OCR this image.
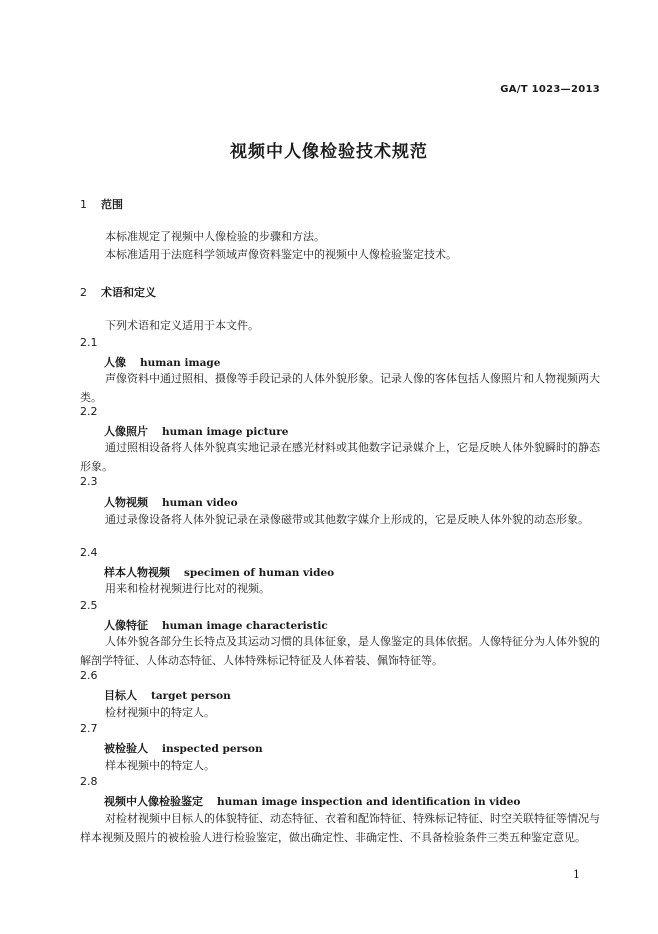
GA/T 1023—2013
视频中人像检验技术规范
1 范围
本标准规定了视频中人像检验的步骤和方法。
本标准适用于法庭科学领域声像资料鉴定中的视频中人像检验鉴定技术。
2 术语和定义
下列术语和定义适用于本文件。
2.1
人像 human image
声像资料中通过照相、摄像等手段记录的人体外貌形象。记录人像的客体包括人像照片和人物视频两大类。
2.2
人像照片 human image picture
通过照相设备将人体外貌真实地记录在感光材料或其他数字记录媒介上，它是反映人体外貌瞬时的静态形象。
2.3
人物视频 human video
通过录像设备将人体外貌记录在录像磁带或其他数字媒介上形成的，它是反映人体外貌的动态形象。
2.4
样本人物视频 specimen of human video
用来和检材视频进行比对的视频。
2.5
人像特征 human image characteristic
人体外貌各部分生长特点及其运动习惯的具体征象，是人像鉴定的具体依据。人像特征分为人体外貌的解剖学特征、人体动态特征、人体特殊标记特征及人体着装、佩饰特征等。
2.6
目标人 target person
检材视频中的特定人。
2.7
被检验人 inspected person
样本视频中的特定人。
2.8
视频中人像检验鉴定 human image inspection and identification in video
对检材视频中目标人的体貌特征、动态特征、衣着和配饰特征、特殊标记特征、时空关联特征等情况与样本视频及照片的被检验人进行检验鉴定，做出确定性、非确定性、不具备检验条件三类五种鉴定意见。
1
